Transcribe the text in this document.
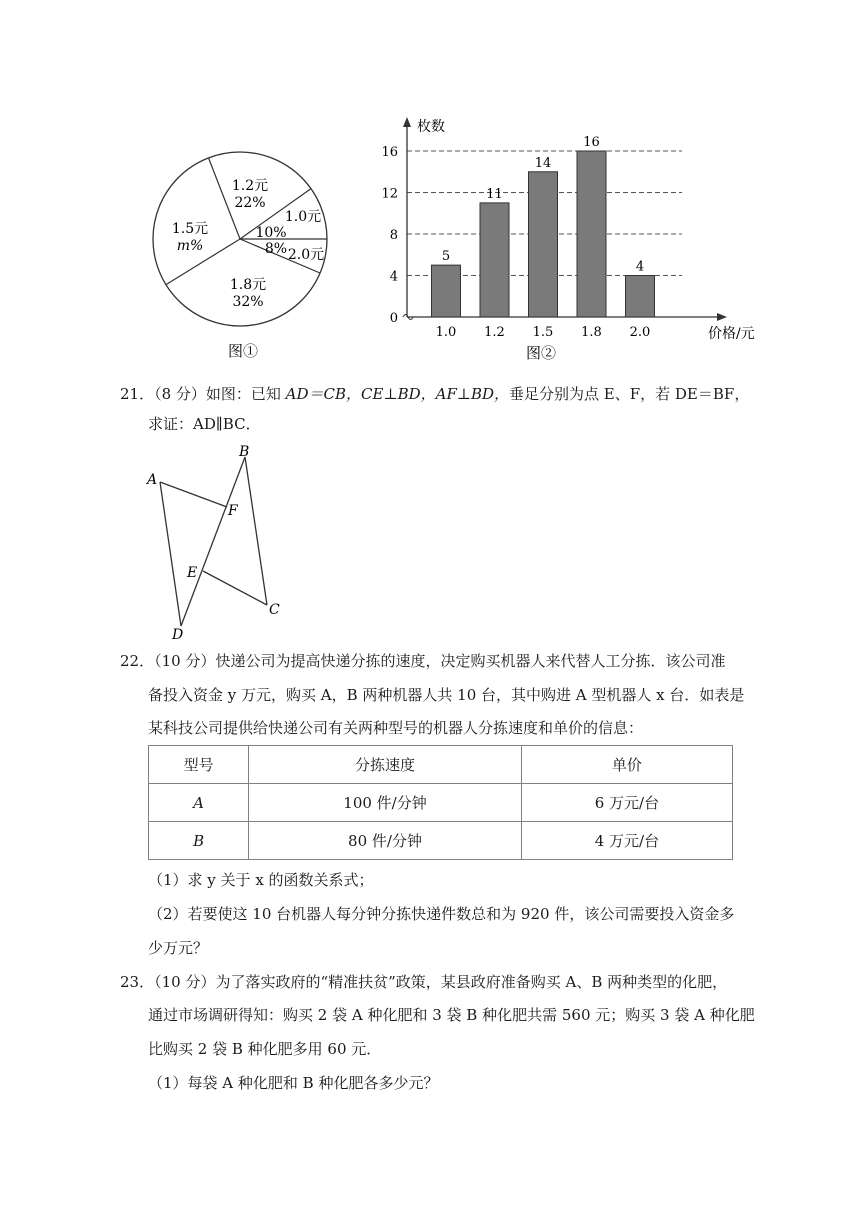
1.2元
22%
1.0元
10%
8% 2.0元
1.8元
32%
1.5元
m%
图①
枚数
价格/元
0
4
8
12
16
5
1.0
11
1.2
14
1.5
16
1.8
4
2.0
图②
21．（8 分）如图：已知 AD＝CB，CE⊥BD，AF⊥BD，垂足分别为点 E、F，若 DE＝BF，
求证：AD∥BC．
A
B
F
E
C
D
22．（10 分）快递公司为提高快递分拣的速度，决定购买机器人来代替人工分拣．该公司准
备投入资金 y 万元，购买 A，B 两种机器人共 10 台，其中购进 A 型机器人 x 台．如表是
某科技公司提供给快递公司有关两种型号的机器人分拣速度和单价的信息：
型号	分拣速度	单价
A	100 件/分钟	6 万元/台
B	80 件/分钟	4 万元/台
（1）求 y 关于 x 的函数关系式；
（2）若要使这 10 台机器人每分钟分拣快递件数总和为 920 件，该公司需要投入资金多
少万元？
23．（10 分）为了落实政府的“精准扶贫”政策，某县政府准备购买 A、B 两种类型的化肥，
通过市场调研得知：购买 2 袋 A 种化肥和 3 袋 B 种化肥共需 560 元；购买 3 袋 A 种化肥
比购买 2 袋 B 种化肥多用 60 元．
（1）每袋 A 种化肥和 B 种化肥各多少元？
